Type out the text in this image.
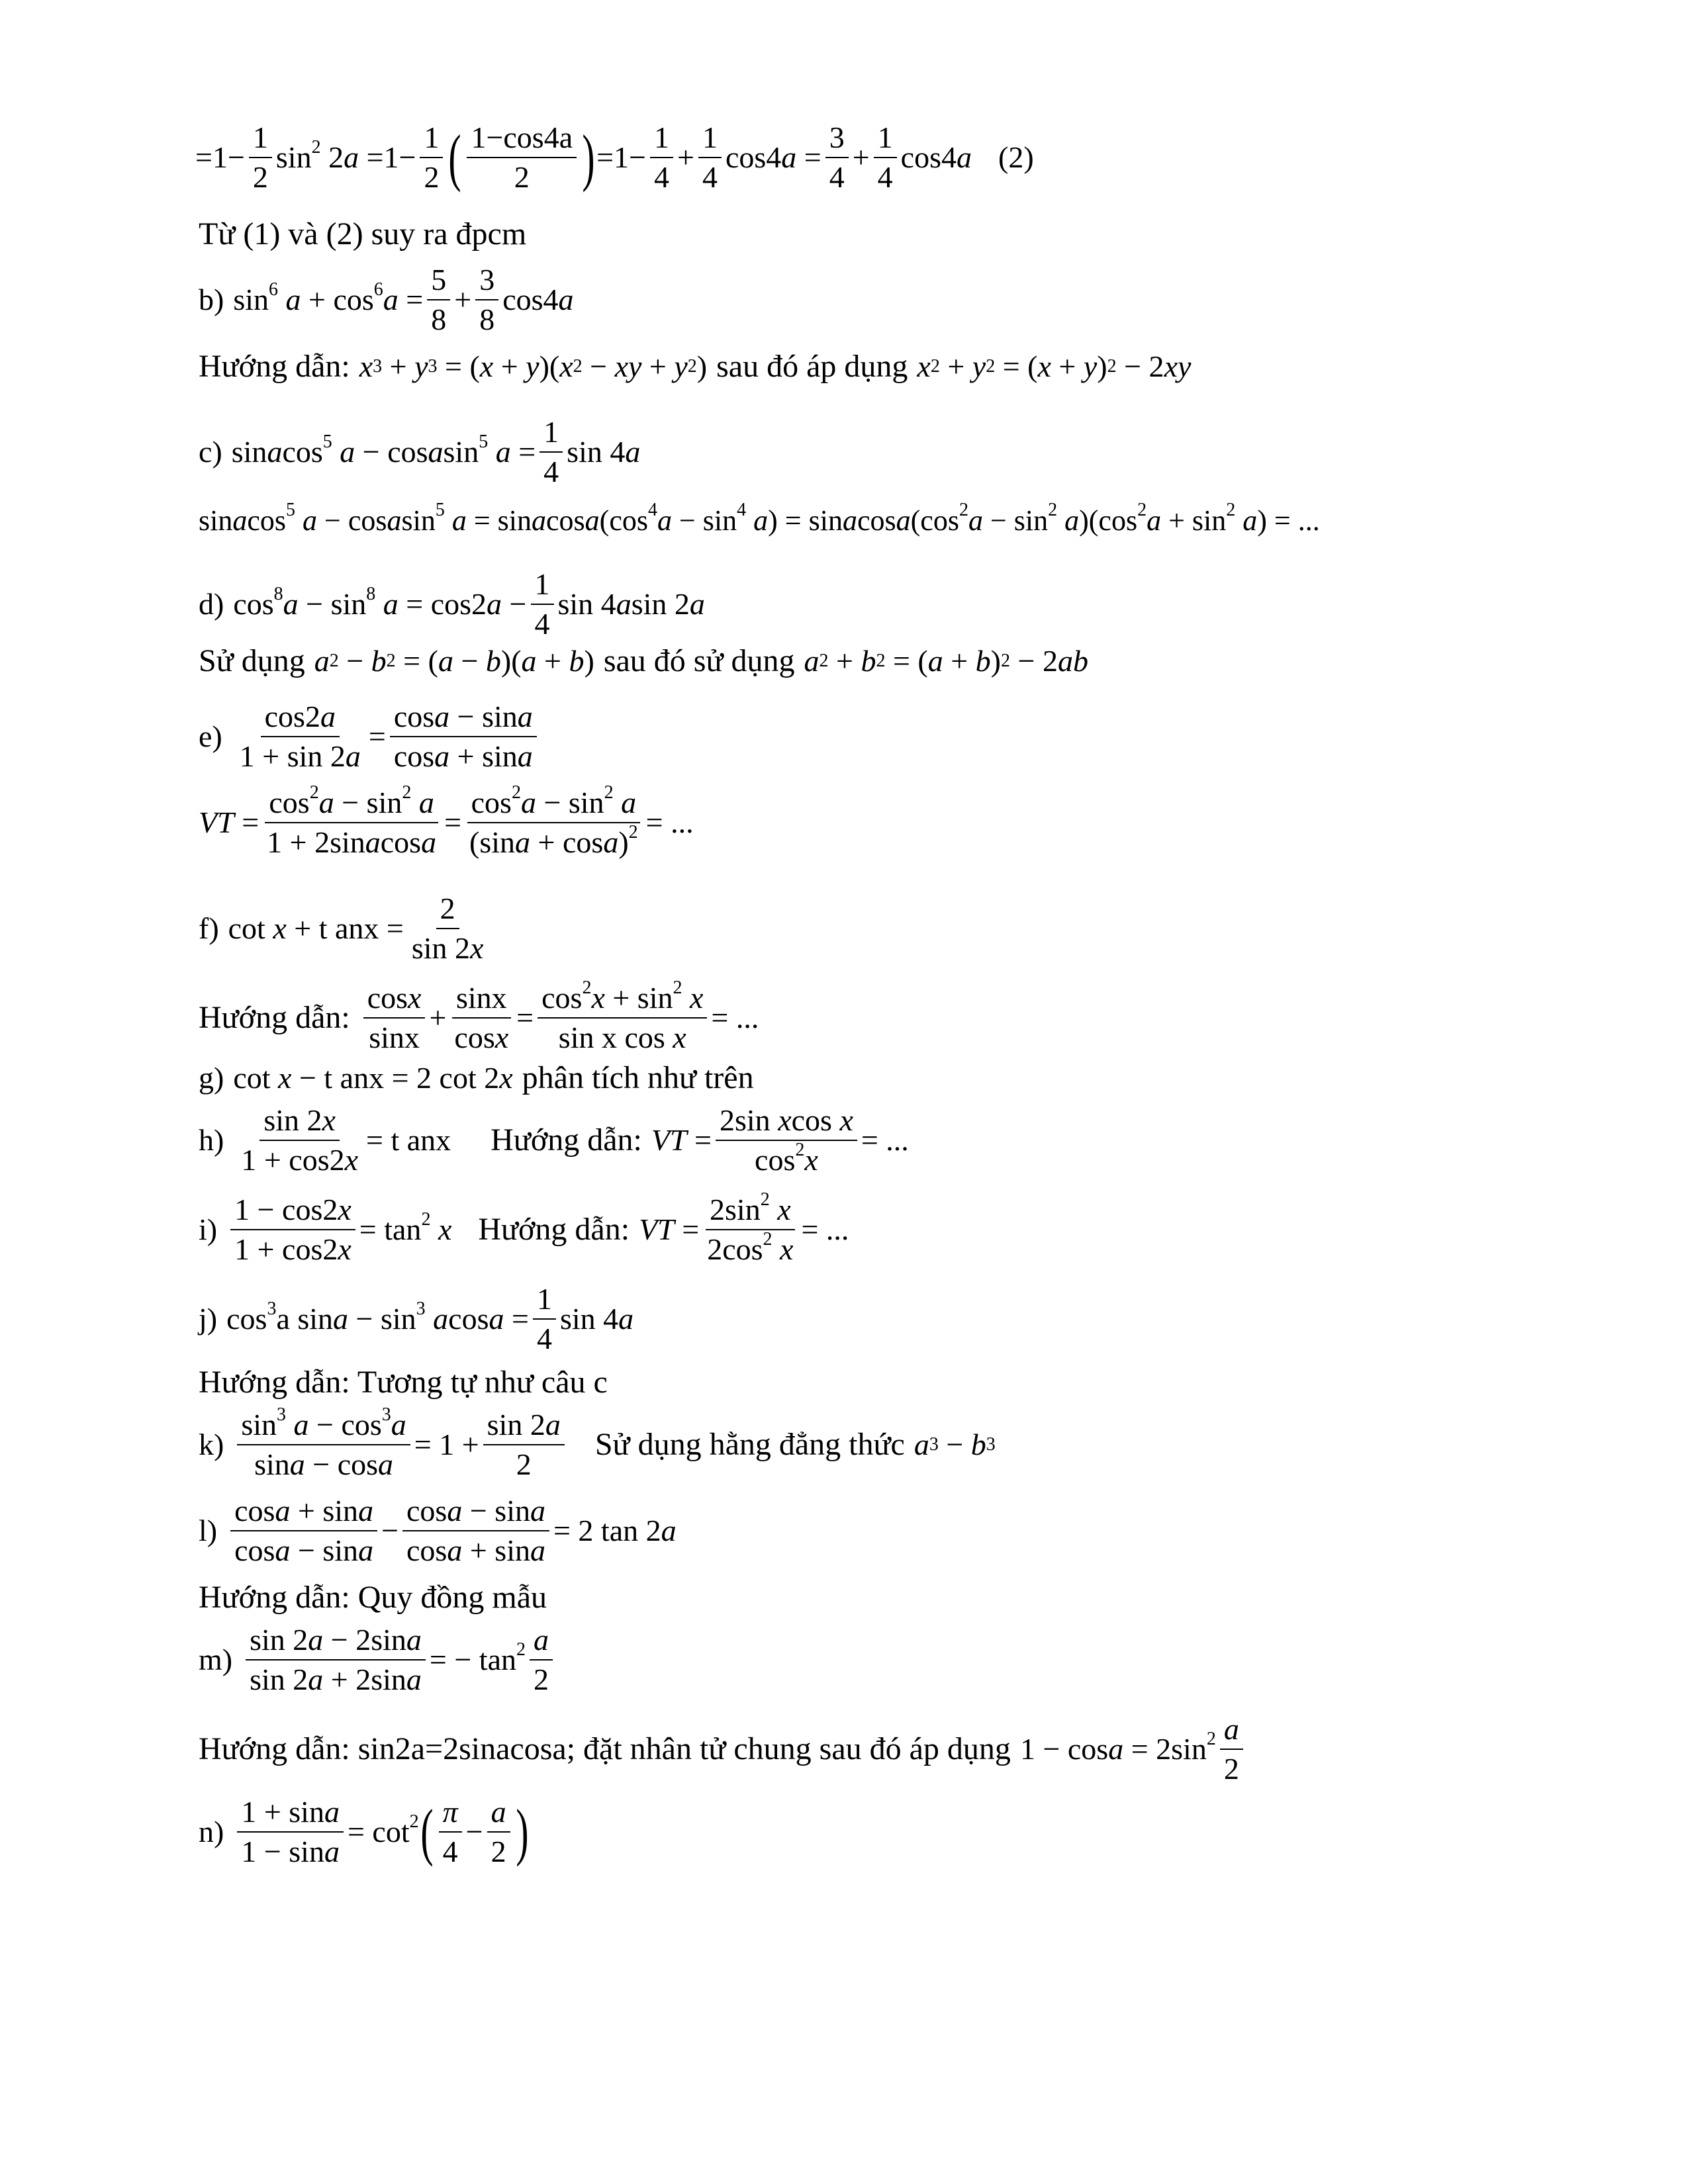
$=1- \frac{1}{2} \sin^2 2a =1- \frac{1}{2}$ ( $\frac{1-\cos 4a}{2}$ ) $=1- \frac{1}{4} + \frac{1}{4} \cos 4a = \frac{3}{4} + \frac{1}{4} \cos 4a$ (2)
Từ (1) và (2) suy ra đpcm
b) $\sin^6 a + \cos^6a = \frac{5}{8} + \frac{3}{8} \cos 4a$
Hướng dẫn: x 3 + y 3 = ( x + y )( x 2 − xy + y 2 ) sau đó áp dụng x 2 + y 2 = ( x + y ) 2 − 2 xy
c) sinacos$^5$ a − cosasin$^5$ $a = \frac{1}{4}$ sin 4a
sinacos$^5$ a − cosasin$^5$ $a = sinacosa(\cos^4a - \sin^4 a)$ = $sinacosa(\cos^2a - \sin^2 a)(\cos^2a + \sin^2 a)$ = ...
d) $\cos^8a - \sin^8 a = \cos 2a - \frac{1}{4}$ sin 4asin 2a
Sử dụng a 2 − b 2 = ( a − b )( a + b ) sau đó sử dụng a 2 + b 2 = ( a + b ) 2 − 2 ab
$e) \frac{\cos 2a}{1 + \sin 2a} = \frac{\cos a - \sin a}{\cos a + \sin a}$
VT = $\frac{\cos^2a - \sin^2 a}{\text{1 + 2sinacosa}} = \frac{\cos^2a - \sin^2 a}{(\sin a + \cos a)^2}$ = ...
f) cot x + t anx = $\frac{2}{\sin 2x}$
Hướng dẫn: $\frac{\cos x}{\sin x} + \frac{\sin x}{\cos x} = \frac{\cos^2x + \sin^2 x}{\text{sin x cos x}}$ = ...
g) cot x − t anx = 2 cot 2x phân tích như trên
$h) \frac{\sin 2x}{1 + \cos 2x} = t$ anx Hướng dẫn: VT = $\frac{\text{2sin xcos x}}{\cos^2x}$ = ...
$i) \frac{1 - \cos 2x}{1 + \cos 2x} = \tan^2 x$ Hướng dẫn: VT = $\frac{2\sin^2 x}{2\cos^2 x}$ = ...
j) $\cos^3a$ $\sin a - \sin^3 acosa = \frac{1}{4}$ sin 4a
Hướng dẫn: Tương tự như câu c
$k) \frac{\sin^3 a - \cos^3a}{\sin a - \cos a} = 1 + \frac{\sin 2a}{2}$ Sử dụng hằng đẳng thức a 3 − b 3
$l) \frac{\cos a + \sin a}{\cos a - \sin a} - \frac{\cos a - \sin a}{\cos a + \sin a} = 2$ tan 2a
Hướng dẫn: Quy đồng mẫu
$m) \frac{\sin 2a - 2\sin a}{\sin 2a + 2\sin a}$ = − $\tan^2 \frac{a}{2}$
Hướng dẫn: sin2a=2sinacosa; đặt nhân tử chung sau đó áp dụng $1 - \cos a = 2\sin^2 \frac{a}{2}$
$n) \frac{1 + \sin a}{1 - \sin a} = \cot^2$ ( $\frac{\pi}{4} - \frac{a}{2}$ )
